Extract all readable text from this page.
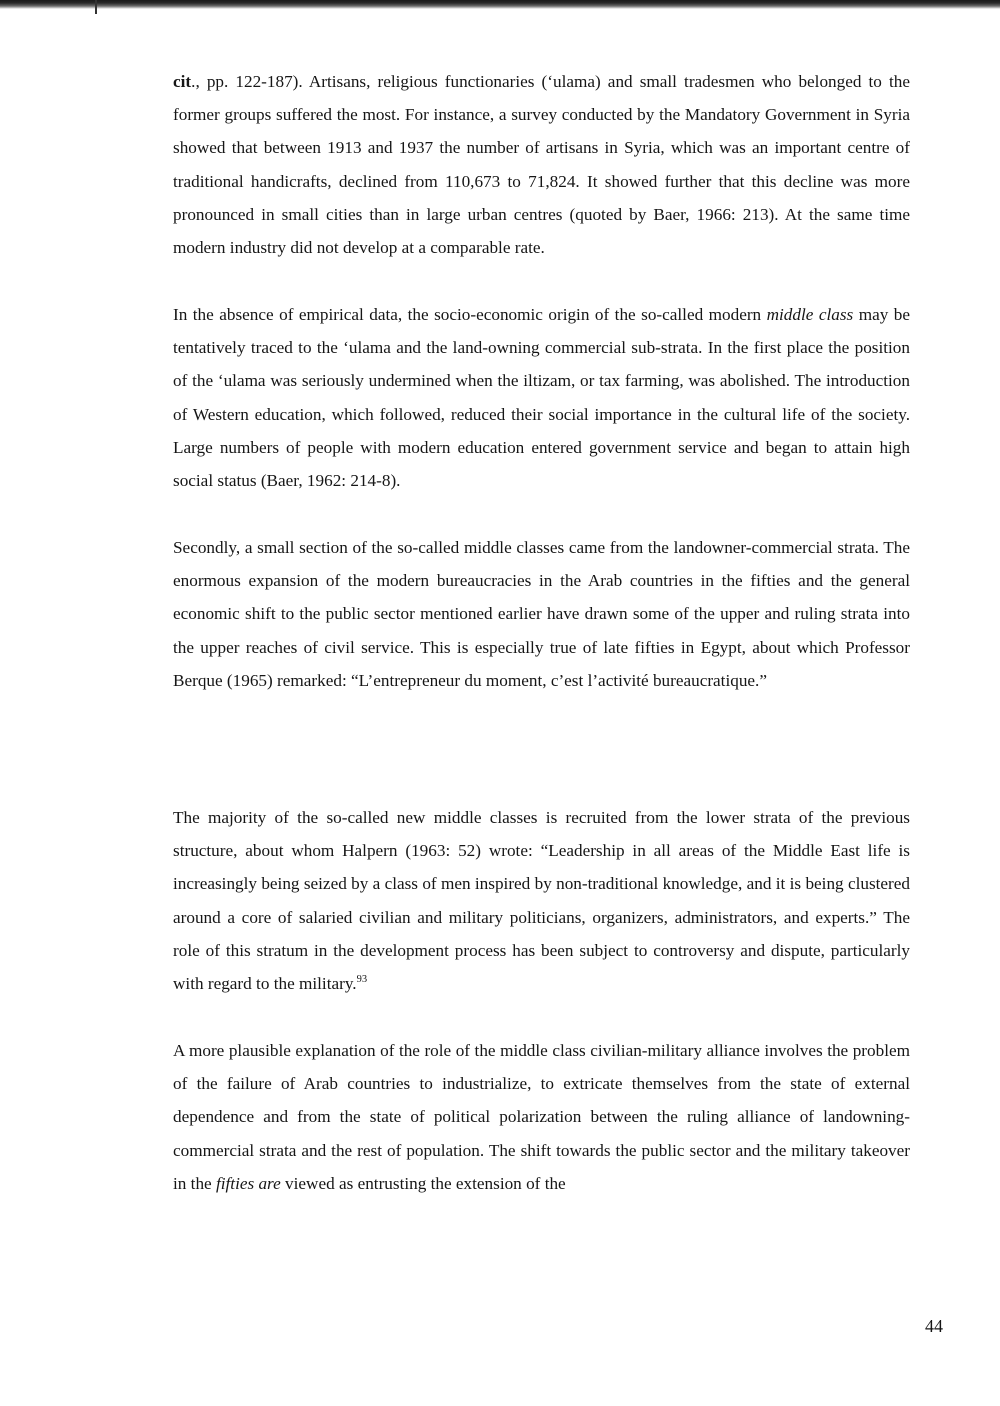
cit., pp. 122-187). Artisans, religious functionaries (‘ulama) and small tradesmen who belonged to the former groups suffered the most. For instance, a survey conducted by the Mandatory Government in Syria showed that between 1913 and 1937 the number of artisans in Syria, which was an important centre of traditional handicrafts, declined from 110,673 to 71,824. It showed further that this decline was more pronounced in small cities than in large urban centres (quoted by Baer, 1966: 213). At the same time modern industry did not develop at a comparable rate.

In the absence of empirical data, the socio-economic origin of the so-called modern middle class may be tentatively traced to the ‘ulama and the land-owning commercial sub-strata. In the first place the position of the ‘ulama was seriously undermined when the iltizam, or tax farming, was abolished. The introduction of Western education, which followed, reduced their social importance in the cultural life of the society. Large numbers of people with modern education entered government service and began to attain high social status (Baer, 1962: 214-8).

Secondly, a small section of the so-called middle classes came from the landowner-commercial strata. The enormous expansion of the modern bureaucracies in the Arab countries in the fifties and the general economic shift to the public sector mentioned earlier have drawn some of the upper and ruling strata into the upper reaches of civil service. This is especially true of late fifties in Egypt, about which Professor Berque (1965) remarked: “L’entrepreneur du moment, c’est l’activité bureaucratique.”

The majority of the so-called new middle classes is recruited from the lower strata of the previous structure, about whom Halpern (1963: 52) wrote: “Leadership in all areas of the Middle East life is increasingly being seized by a class of men inspired by non-traditional knowledge, and it is being clustered around a core of salaried civilian and military politicians, organizers, administrators, and experts.” The role of this stratum in the development process has been subject to controversy and dispute, particularly with regard to the military.$^{93}$

A more plausible explanation of the role of the middle class civilian-military alliance involves the problem of the failure of Arab countries to industrialize, to extricate themselves from the state of external dependence and from the state of political polarization between the ruling alliance of landowning-commercial strata and the rest of population. The shift towards the public sector and the military takeover in the fifties are viewed as entrusting the extension of the

44
